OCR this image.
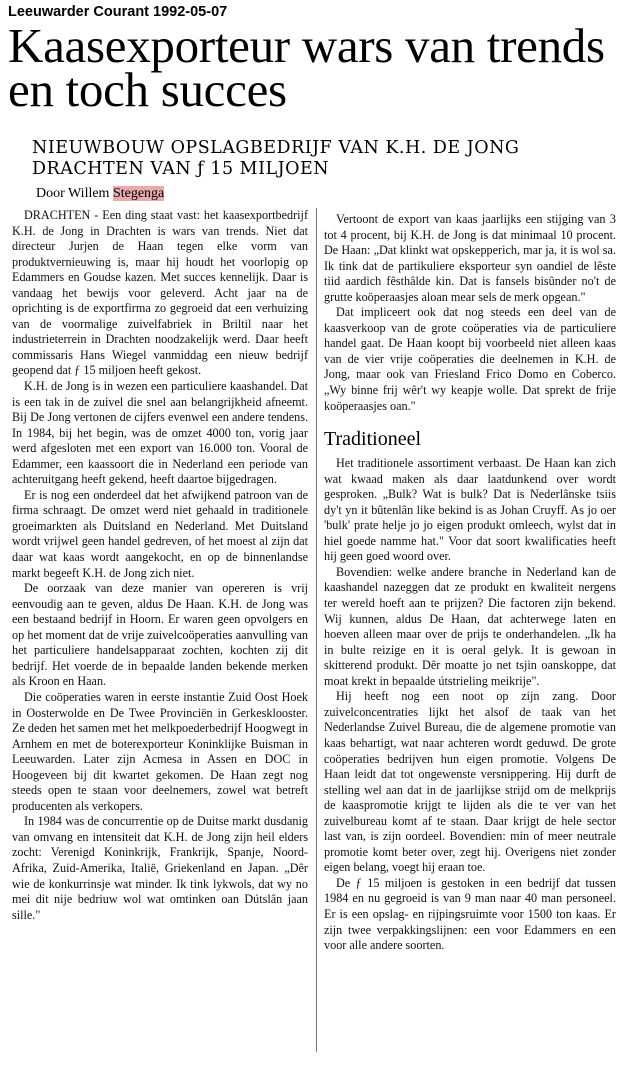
Leeuwarder Courant 1992-05-07
Kaasexporteur wars van trends en toch succes
NIEUWBOUW OPSLAGBEDRIJF VAN K.H. DE JONG DRACHTEN VAN ƒ 15 MILJOEN
Door Willem Stegenga

DRACHTEN - Een ding staat vast: het kaasexportbedrijf K.H. de Jong in Drachten is wars van trends. Niet dat directeur Jurjen de Haan tegen elke vorm van produktvernieuwing is, maar hij houdt het voorlopig op Edammers en Goudse kazen. Met succes kennelijk. Daar is vandaag het bewijs voor geleverd. Acht jaar na de oprichting is de exportfirma zo gegroeid dat een verhuizing van de voormalige zuivelfabriek in Briltil naar het industrieterrein in Drachten noodzakelijk werd. Daar heeft commissaris Hans Wiegel vanmiddag een nieuw bedrijf geopend dat ƒ 15 miljoen heeft gekost.

K.H. de Jong is in wezen een particuliere kaashandel. Dat is een tak in de zuivel die snel aan belangrijkheid afneemt. Bij De Jong vertonen de cijfers evenwel een andere tendens. In 1984, bij het begin, was de omzet 4000 ton, vorig jaar werd afgesloten met een export van 16.000 ton. Vooral de Edammer, een kaassoort die in Nederland een periode van achteruitgang heeft gekend, heeft daartoe bijgedragen.

Er is nog een onderdeel dat het afwijkend patroon van de firma schraagt. De omzet werd niet gehaald in traditionele groeimarkten als Duitsland en Nederland. Met Duitsland wordt vrijwel geen handel gedreven, of het moest al zijn dat daar wat kaas wordt aangekocht, en op de binnenlandse markt begeeft K.H. de Jong zich niet.

De oorzaak van deze manier van opereren is vrij eenvoudig aan te geven, aldus De Haan. K.H. de Jong was een bestaand bedrijf in Hoorn. Er waren geen opvolgers en op het moment dat de vrije zuivelcoöperaties aanvulling van het particuliere handelsapparaat zochten, kochten zij dit bedrijf. Het voerde de in bepaalde landen bekende merken als Kroon en Haan.

Die coöperaties waren in eerste instantie Zuid Oost Hoek in Oosterwolde en De Twee Provinciën in Gerkesklooster. Ze deden het samen met het melkpoederbedrijf Hoogwegt in Arnhem en met de boterexporteur Koninklijke Buisman in Leeuwarden. Later zijn Acmesa in Assen en DOC in Hoogeveen bij dit kwartet gekomen. De Haan zegt nog steeds open te staan voor deelnemers, zowel wat betreft producenten als verkopers.

In 1984 was de concurrentie op de Duitse markt dusdanig van omvang en intensiteit dat K.H. de Jong zijn heil elders zocht: Verenigd Koninkrijk, Frankrijk, Spanje, Noord-Afrika, Zuid-Amerika, Italië, Griekenland en Japan. „Dêr wie de konkurrinsje wat minder. Ik tink lykwols, dat wy no mei dit nije bedriuw wol wat omtinken oan Dútslân jaan sille."

Vertoont de export van kaas jaarlijks een stijging van 3 tot 4 procent, bij K.H. de Jong is dat minimaal 10 procent. De Haan: „Dat klinkt wat opskepperich, mar ja, it is wol sa. Ik tink dat de partikuliere eksporteur syn oandiel de lêste tiid aardich fêsthâlde kin. Dat is fansels bisûnder no't de grutte koöperaasjes aloan mear sels de merk opgean."

Dat impliceert ook dat nog steeds een deel van de kaasverkoop van de grote coöperaties via de particuliere handel gaat. De Haan koopt bij voorbeeld niet alleen kaas van de vier vrije coöperaties die deelnemen in K.H. de Jong, maar ook van Friesland Frico Domo en Coberco. „Wy binne frij wêr't wy keapje wolle. Dat sprekt de frije koöperaasjes oan."

Traditioneel

Het traditionele assortiment verbaast. De Haan kan zich wat kwaad maken als daar laatdunkend over wordt gesproken. „Bulk? Wat is bulk? Dat is Nederlânske tsiis dy't yn it bûtenlân like bekind is as Johan Cruyff. As jo oer 'bulk' prate helje jo jo eigen produkt omleech, wylst dat in hiel goede namme hat." Voor dat soort kwalificaties heeft hij geen goed woord over.

Bovendien: welke andere branche in Nederland kan de kaashandel nazeggen dat ze produkt en kwaliteit nergens ter wereld hoeft aan te prijzen? Die factoren zijn bekend. Wij kunnen, aldus De Haan, dat achterwege laten en hoeven alleen maar over de prijs te onderhandelen. „Ik ha in bulte reizige en it is oeral gelyk. It is gewoan in skitterend produkt. Dêr moatte jo net tsjin oanskoppe, dat moat krekt in bepaalde útstrieling meikrije".

Hij heeft nog een noot op zijn zang. Door zuivelconcentraties lijkt het alsof de taak van het Nederlandse Zuivel Bureau, die de algemene promotie van kaas behartigt, wat naar achteren wordt geduwd. De grote coöperaties bedrijven hun eigen promotie. Volgens De Haan leidt dat tot ongewenste versnippering. Hij durft de stelling wel aan dat in de jaarlijkse strijd om de melkprijs de kaaspromotie krijgt te lijden als die te ver van het zuivelbureau komt af te staan. Daar krijgt de hele sector last van, is zijn oordeel. Bovendien: min of meer neutrale promotie komt beter over, zegt hij. Overigens niet zonder eigen belang, voegt hij eraan toe.

De ƒ 15 miljoen is gestoken in een bedrijf dat tussen 1984 en nu gegroeid is van 9 man naar 40 man personeel. Er is een opslag- en rijpingsruimte voor 1500 ton kaas. Er zijn twee verpakkingslijnen: een voor Edammers en een voor alle andere soorten.
